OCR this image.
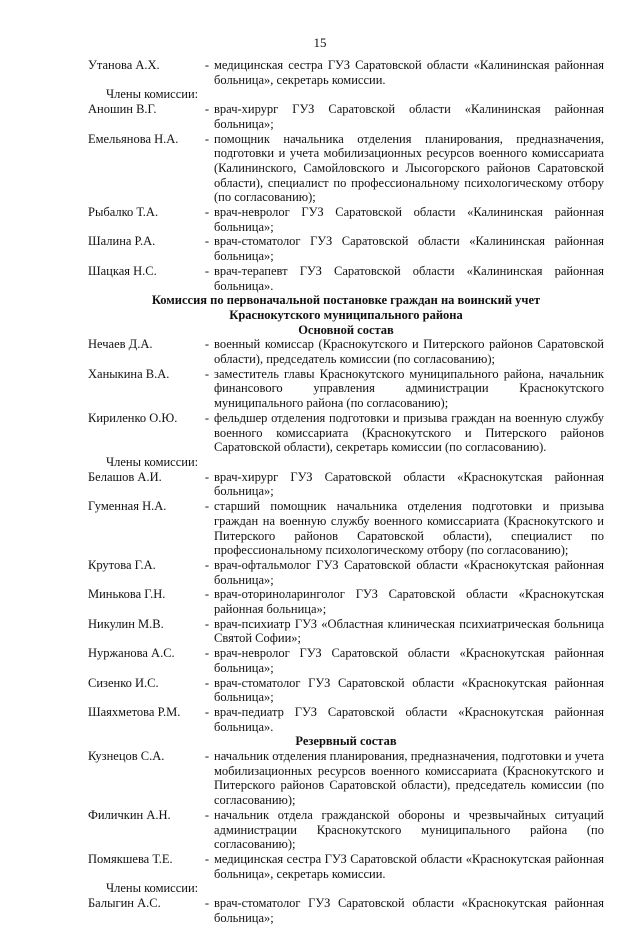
15
Утанова А.Х.	- медицинская сестра ГУЗ Саратовской области «Калининская районная больница», секретарь комиссии.
Члены комиссии:
Аношин В.Г.	- врач-хирург ГУЗ Саратовской области «Калининская районная больница»;
Емельянова Н.А.	- помощник начальника отделения планирования, предназначения, подготовки и учета мобилизационных ресурсов военного комиссариата (Калининского, Самойловского и Лысогорского районов Саратовской области), специалист по профессиональному психологическому отбору (по согласованию);
Рыбалко Т.А.	- врач-невролог ГУЗ Саратовской области «Калининская районная больница»;
Шалина Р.А.	- врач-стоматолог ГУЗ Саратовской области «Калининская районная больница»;
Шацкая Н.С.	- врач-терапевт ГУЗ Саратовской области «Калининская районная больница».
Комиссия по первоначальной постановке граждан на воинский учет
Краснокутского муниципального района
Основной состав
Нечаев Д.А.	- военный комиссар (Краснокутского и Питерского районов Саратовской области), председатель комиссии (по согласованию);
Ханыкина В.А.	- заместитель главы Краснокутского муниципального района, начальник финансового управления администрации Краснокутского муниципального района (по согласованию);
Кириленко О.Ю.	- фельдшер отделения подготовки и призыва граждан на военную службу военного комиссариата (Краснокутского и Питерского районов Саратовской области), секретарь комиссии (по согласованию).
Члены комиссии:
Белашов А.И.	- врач-хирург ГУЗ Саратовской области «Краснокутская районная больница»;
Гуменная Н.А.	- старший помощник начальника отделения подготовки и призыва граждан на военную службу военного комиссариата (Краснокутского и Питерского районов Саратовской области), специалист по профессиональному психологическому отбору (по согласованию);
Крутова Г.А.	- врач-офтальмолог ГУЗ Саратовской области «Краснокутская районная больница»;
Минькова Г.Н.	- врач-оториноларинголог ГУЗ Саратовской области «Краснокутская районная больница»;
Никулин М.В.	- врач-психиатр ГУЗ «Областная клиническая психиатрическая больница Святой Софии»;
Нуржанова А.С.	- врач-невролог ГУЗ Саратовской области «Краснокутская районная больница»;
Сизенко И.С.	- врач-стоматолог ГУЗ Саратовской области «Краснокутская районная больница»;
Шаяхметова Р.М.	- врач-педиатр ГУЗ Саратовской области «Краснокутская районная больница».
Резервный состав
Кузнецов С.А.	- начальник отделения планирования, предназначения, подготовки и учета мобилизационных ресурсов военного комиссариата (Краснокутского и Питерского районов Саратовской области), председатель комиссии (по согласованию);
Филичкин А.Н.	- начальник отдела гражданской обороны и чрезвычайных ситуаций администрации Краснокутского муниципального района (по согласованию);
Помякшева Т.Е.	- медицинская сестра ГУЗ Саратовской области «Краснокутская районная больница», секретарь комиссии.
Члены комиссии:
Балыгин А.С.	- врач-стоматолог ГУЗ Саратовской области «Краснокутская районная больница»;
